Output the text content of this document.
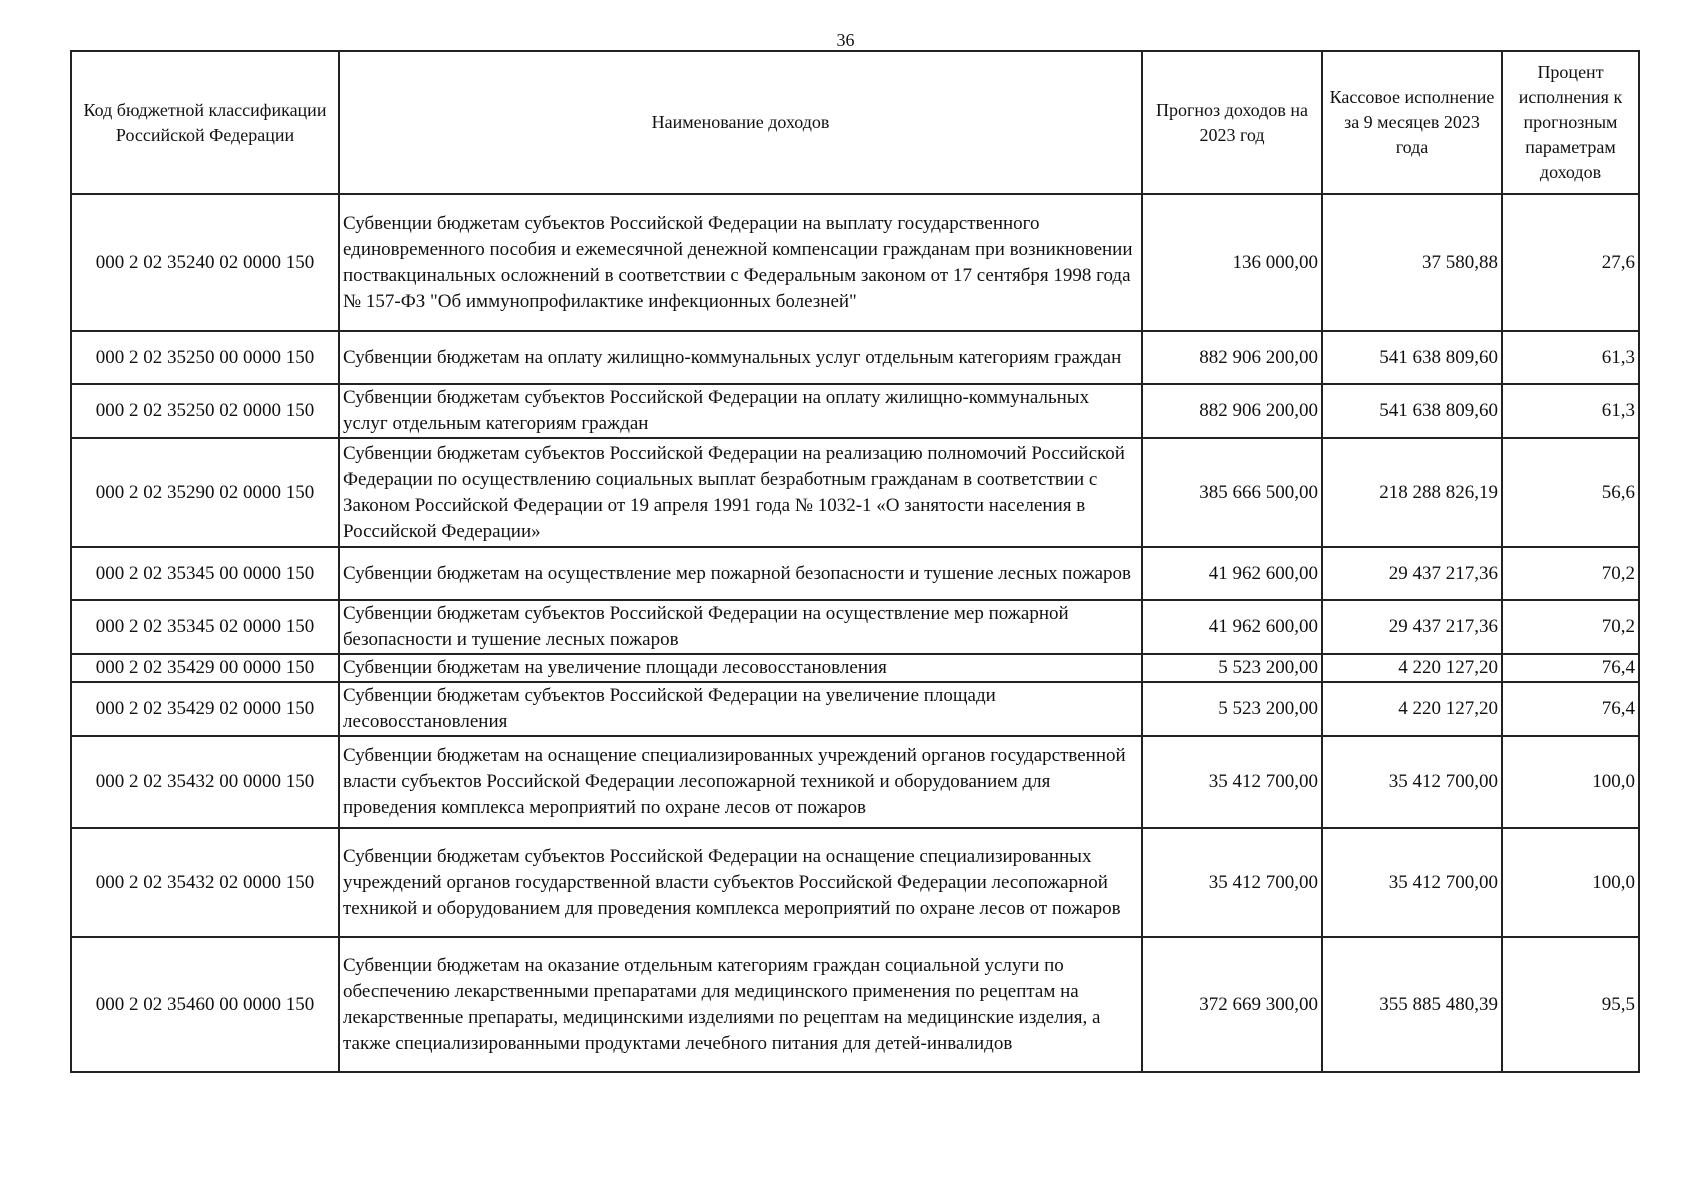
36
Код бюджетной классификации Российской Федерации	Наименование доходов	Прогноз доходов на 2023 год	Кассовое исполнение за 9 месяцев 2023 года	Процент исполнения к прогнозным параметрам доходов
000 2 02 35240 02 0000 150	Субвенции бюджетам субъектов Российской Федерации на выплату государственного единовременного пособия и ежемесячной денежной компенсации гражданам при возникновении поствакцинальных осложнений в соответствии с Федеральным законом от 17 сентября 1998 года № 157-ФЗ "Об иммунопрофилактике инфекционных болезней"	136 000,00	37 580,88	27,6
000 2 02 35250 00 0000 150	Субвенции бюджетам на оплату жилищно-коммунальных услуг отдельным категориям граждан	882 906 200,00	541 638 809,60	61,3
000 2 02 35250 02 0000 150	Субвенции бюджетам субъектов Российской Федерации на оплату жилищно-коммунальных услуг отдельным категориям граждан	882 906 200,00	541 638 809,60	61,3
000 2 02 35290 02 0000 150	Субвенции бюджетам субъектов Российской Федерации на реализацию полномочий Российской Федерации по осуществлению социальных выплат безработным гражданам в соответствии с Законом Российской Федерации от 19 апреля 1991 года № 1032-1 «О занятости населения в Российской Федерации»	385 666 500,00	218 288 826,19	56,6
000 2 02 35345 00 0000 150	Субвенции бюджетам на осуществление мер пожарной безопасности и тушение лесных пожаров	41 962 600,00	29 437 217,36	70,2
000 2 02 35345 02 0000 150	Субвенции бюджетам субъектов Российской Федерации на осуществление мер пожарной безопасности и тушение лесных пожаров	41 962 600,00	29 437 217,36	70,2
000 2 02 35429 00 0000 150	Субвенции бюджетам на увеличение площади лесовосстановления	5 523 200,00	4 220 127,20	76,4
000 2 02 35429 02 0000 150	Субвенции бюджетам субъектов Российской Федерации на увеличение площади лесовосстановления	5 523 200,00	4 220 127,20	76,4
000 2 02 35432 00 0000 150	Субвенции бюджетам на оснащение специализированных учреждений органов государственной власти субъектов Российской Федерации лесопожарной техникой и оборудованием для проведения комплекса мероприятий по охране лесов от пожаров	35 412 700,00	35 412 700,00	100,0
000 2 02 35432 02 0000 150	Субвенции бюджетам субъектов Российской Федерации на оснащение специализированных учреждений органов государственной власти субъектов Российской Федерации лесопожарной техникой и оборудованием для проведения комплекса мероприятий по охране лесов от пожаров	35 412 700,00	35 412 700,00	100,0
000 2 02 35460 00 0000 150	Субвенции бюджетам на оказание отдельным категориям граждан социальной услуги по обеспечению лекарственными препаратами для медицинского применения по рецептам на лекарственные препараты, медицинскими изделиями по рецептам на медицинские изделия, а также специализированными продуктами лечебного питания для детей-инвалидов	372 669 300,00	355 885 480,39	95,5
